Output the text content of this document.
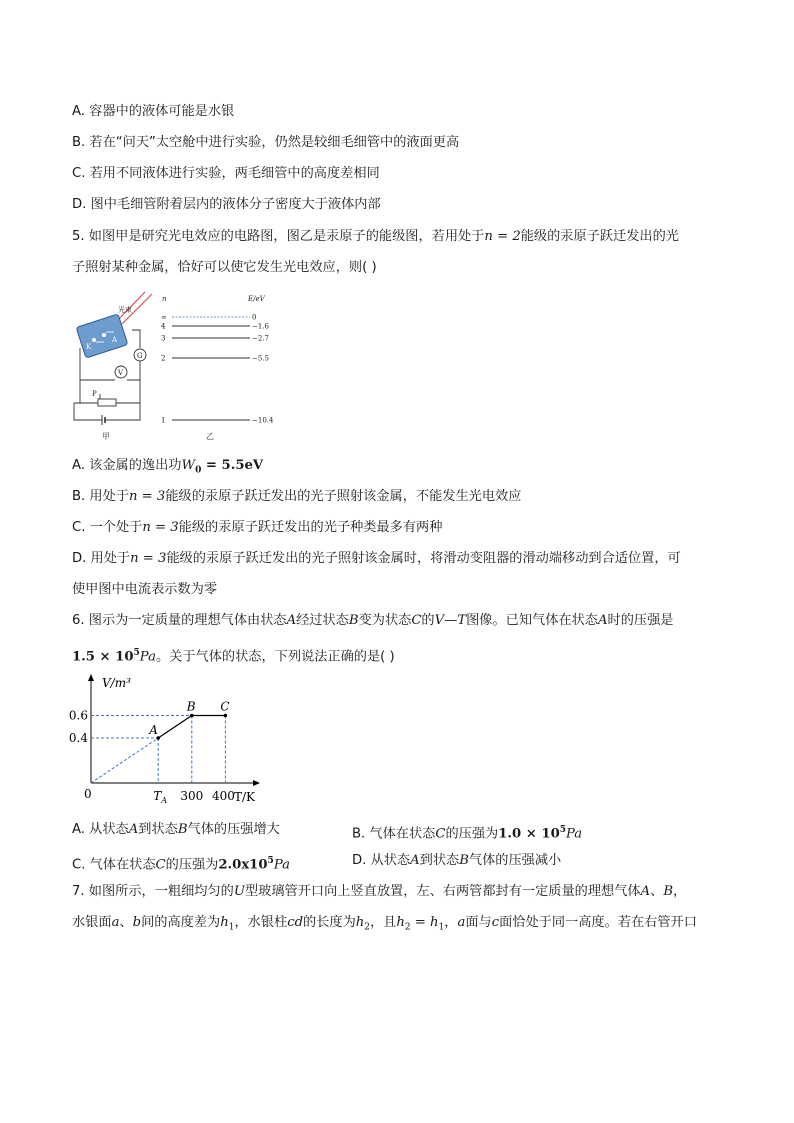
A. 容器中的液体可能是水银
B. 若在“问天”太空舱中进行实验，仍然是较细毛细管中的液面更高
C. 若用不同液体进行实验，两毛细管中的高度差相同
D. 图中毛细管附着层内的液体分子密度大于液体内部
5. 如图甲是研究光电效应的电路图，图乙是汞原子的能级图，若用处于n = 2能级的汞原子跃迁发出的光
子照射某种金属，恰好可以使它发生光电效应，则( )
光束
K
A
G
V
P
甲
n	E/eV
∞	0
4	−1.6
3	−2.7
2	−5.5
1	−10.4
乙
A. 该金属的逸出功$W_0 = 5.5eV$
B. 用处于n = 3能级的汞原子跃迁发出的光子照射该金属，不能发生光电效应
C. 一个处于n = 3能级的汞原子跃迁发出的光子种类最多有两种
D. 用处于n = 3能级的汞原子跃迁发出的光子照射该金属时，将滑动变阻器的滑动端移动到合适位置，可
使甲图中电流表示数为零
6. 图示为一定质量的理想气体由状态A经过状态B变为状态C的V—T图像。已知气体在状态A时的压强是
$1.5 \times 10^5Pa$。关于气体的状态，下列说法正确的是( )
V/m³
T/K
0
A
B C
0.6
0.4
$T_A$ 300 400
A. 从状态A到状态B气体的压强增大	B. 气体在状态C的压强为$1.0 \times 10^5Pa$
C. 气体在状态C的压强为$2.0x10^5Pa$	D. 从状态A到状态B气体的压强减小
7. 如图所示，一粗细均匀的U型玻璃管开口向上竖直放置，左、右两管都封有一定质量的理想气体A、B，
水银面a、b间的高度差为$h_1$，水银柱cd的长度为$h_2$，且$h_2 = h_1$，a面与c面恰处于同一高度。若在右管开口
